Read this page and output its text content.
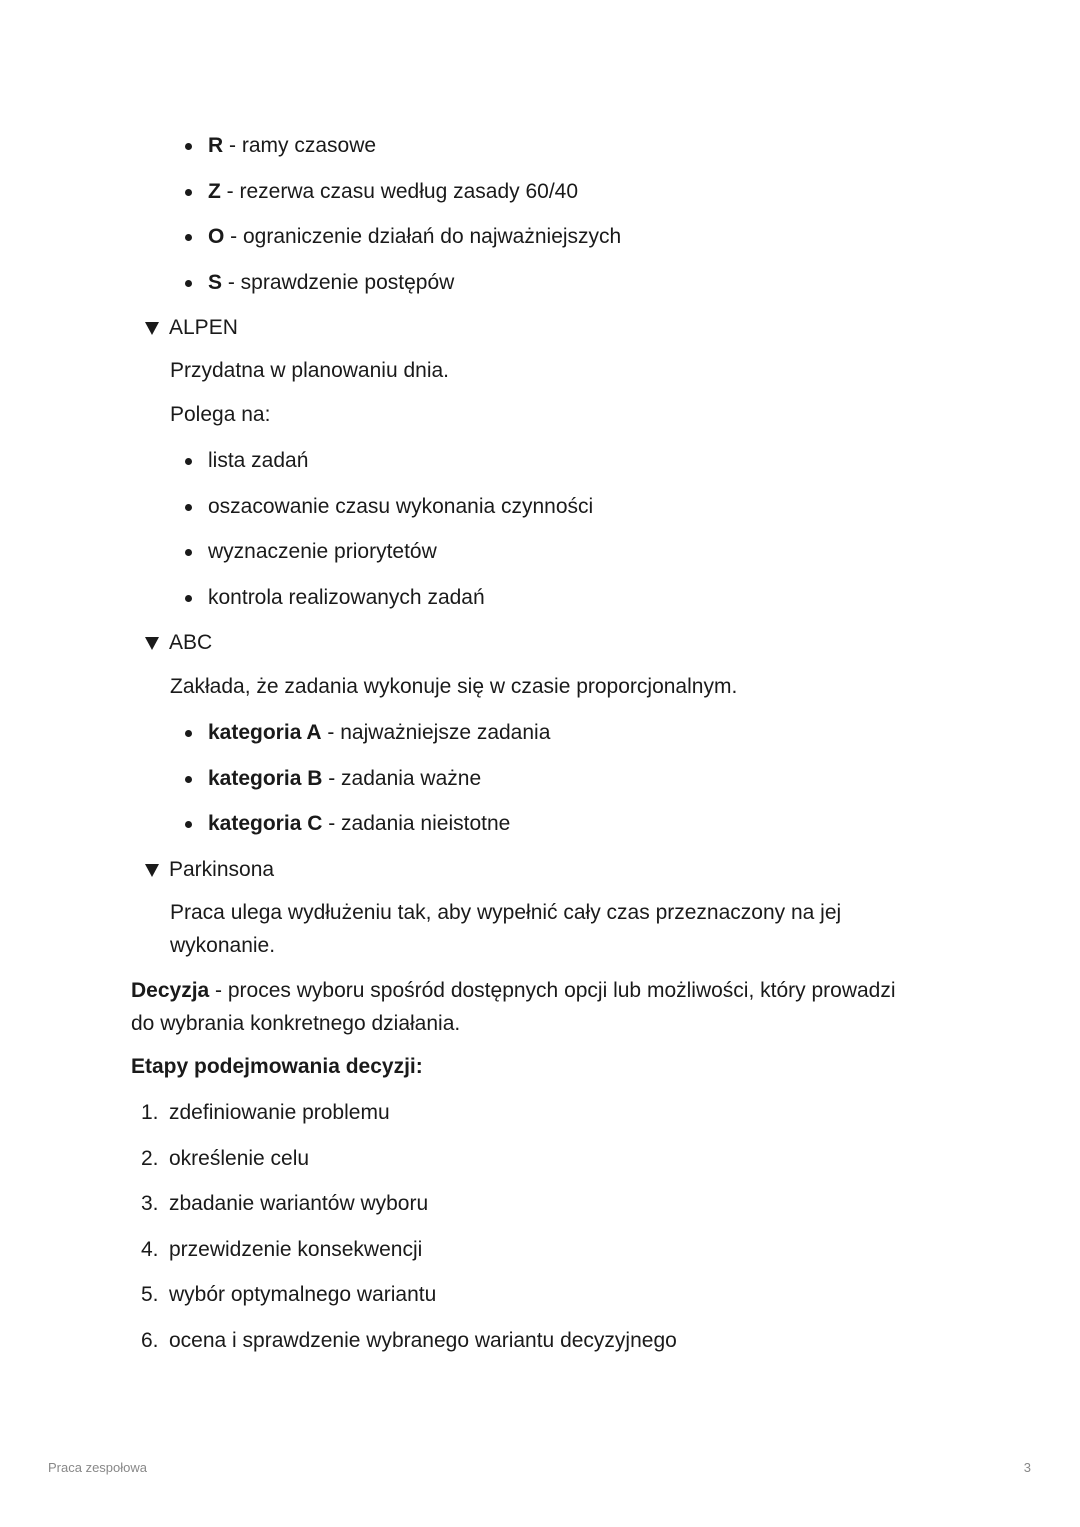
R - ramy czasowe
Z - rezerwa czasu według zasady 60/40
O - ograniczenie działań do najważniejszych
S - sprawdzenie postępów
ALPEN
Przydatna w planowaniu dnia.
Polega na:
lista zadań
oszacowanie czasu wykonania czynności
wyznaczenie priorytetów
kontrola realizowanych zadań
ABC
Zakłada, że zadania wykonuje się w czasie proporcjonalnym.
kategoria A - najważniejsze zadania
kategoria B - zadania ważne
kategoria C - zadania nieistotne
Parkinsona
Praca ulega wydłużeniu tak, aby wypełnić cały czas przeznaczony na jej
wykonanie.
Decyzja - proces wyboru spośród dostępnych opcji lub możliwości, który prowadzi
do wybrania konkretnego działania.
Etapy podejmowania decyzji:
1. zdefiniowanie problemu
2. określenie celu
3. zbadanie wariantów wyboru
4. przewidzenie konsekwencji
5. wybór optymalnego wariantu
6. ocena i sprawdzenie wybranego wariantu decyzyjnego
Praca zespołowa	3
